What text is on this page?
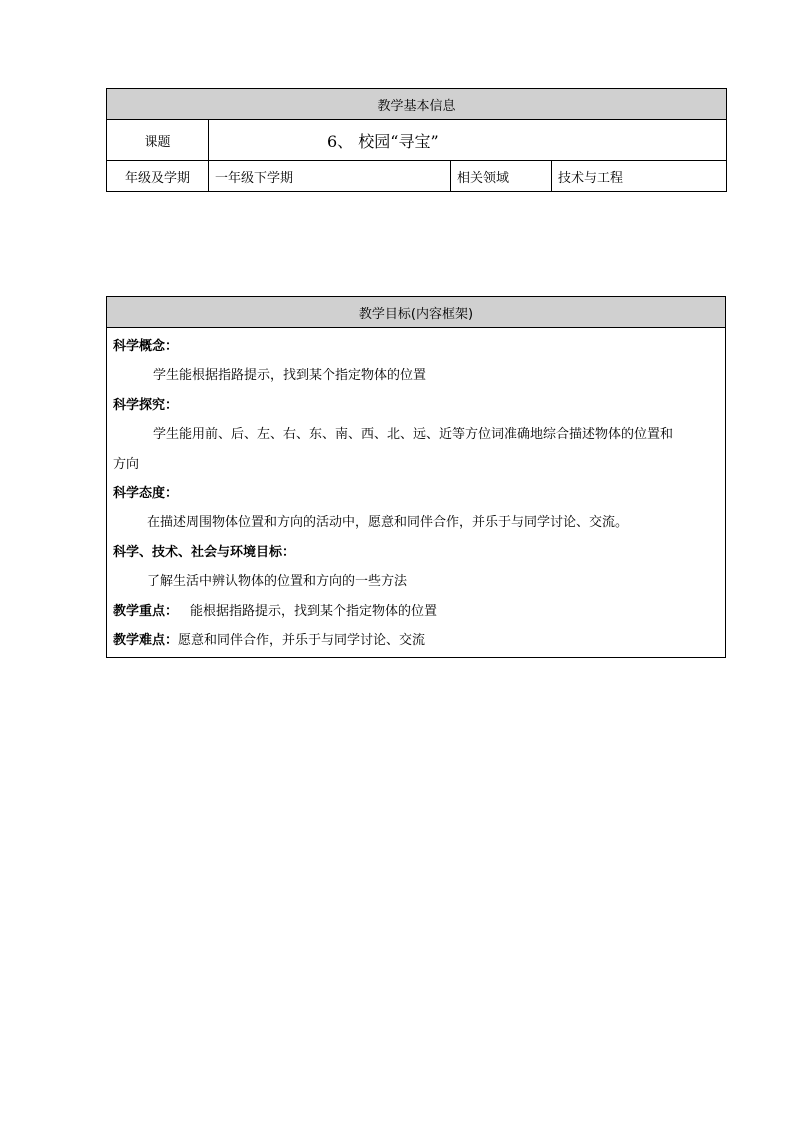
教学基本信息			
课题	6、 校园“寻宝”		
年级及学期	一年级下学期	相关领域	技术与工程
教学目标(内容框架)

科学概念：
学生能根据指路提示，找到某个指定物体的位置
科学探究：
学生能用前、后、左、右、东、南、西、北、远、近等方位词准确地综合描述物体的位置和
方向
科学态度：
在描述周围物体位置和方向的活动中，愿意和同伴合作，并乐于与同学讨论、交流。
科学、技术、社会与环境目标：
了解生活中辨认物体的位置和方向的一些方法
教学重点： 能根据指路提示，找到某个指定物体的位置
教学难点：愿意和同伴合作，并乐于与同学讨论、交流
